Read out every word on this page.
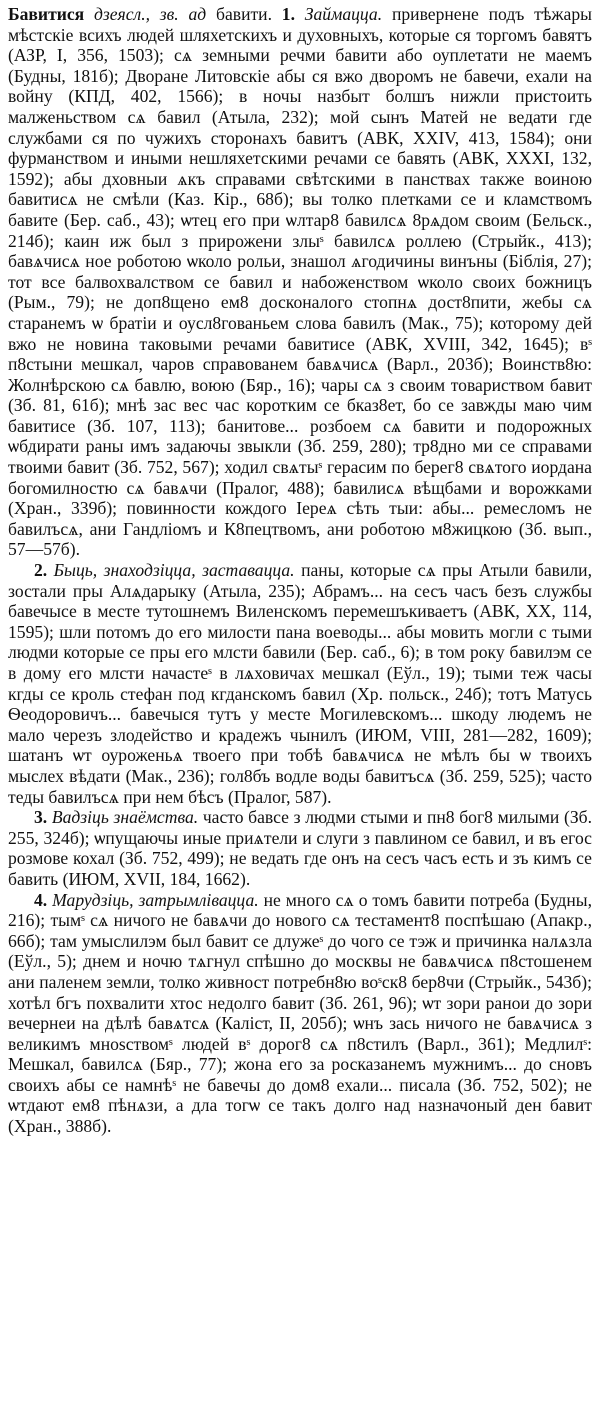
Бавитися дзеясл., зв. ад бавити. 1. Займацца. привернене подъ тѣжары мѣстскіе всихъ людей шляхетскихъ и духовныхъ, которые ся торгомъ бавятъ (АЗР, І, 356, 1503); сѧ земными речми бавити або оуплетати не маемъ (Будны, 181б); Дворане Литовскіе абы ся вжо дворомъ не бавечи, ехали на войну (КПД, 402, 1566); в ночы назбыт болшъ нижли пристоить малженьством сѧ бавил (Атыла, 232); мой сынъ Матей не ведати где службами ся по чужихъ сторонахъ бавитъ (АВК, XXIV, 413, 1584); они фурманством и иными нешляхетскими речами се бавять (АВК, XXXI, 132, 1592); абы дховныи ѧкъ справами свѣтскими в панствах также воиною бавитисѧ не смѣли (Каз. Кір., 68б); вы толко плетками се и кламствомъ бавите (Бер. саб., 43); ѡтец его при ѡлтар8 бавилсѧ 8рѧдом своим (Бельск., 214б); каин иж был з прирожени злыˢ бавилсѧ роллею (Стрыйк., 413); бавѧчисѧ ное роботою ѡколо рольи, знашол ѧгодичины винъны (Біблія, 27); тот все балвохвалством се бавил и набоженством ѡколо своих божницъ (Рым., 79); не доп8щено ем8 досконалого стопнѧ дост8пити, жебы сѧ старанемъ ѡ братіи и оусл8гованьем слова бавилъ (Мак., 75); которому дей вжо не новина таковыми речами бавитисе (АВК, XVIII, 342, 1645); вˢ п8стыни мешкал, чаров справованем бавѧчисѧ (Варл., 203б); Воинств8ю: Жолнѣрскою сѧ бавлю, воюю (Бяр., 16); чары сѧ з своим товариством бавит (Зб. 81, 61б); мнѣ зас вес час коротким се бказ8ет, бо се завжды маю чим бавитисе (Зб. 107, 113); банитове... розбоем сѧ бавити и подорожных ѡбдирати раны имъ задаючы звыкли (Зб. 259, 280); тр8дно ми се справами твоими бавит (Зб. 752, 567); ходил свѧтыˢ герасим по берег8 свѧтого иордана богомилностю сѧ бавѧчи (Пралог, 488); бавилисѧ вѣщбами и ворожками (Хран., 339б); повинности кождого Іереѧ сѣть тыи: абы... ремесломъ не бавилъсѧ, ани Гандліомъ и К8пецтвомъ, ани роботою м8жицкою (Зб. вып., 57—57б).

2. Быць, знаходзіцца, заставацца. паны, которые сѧ пры Атыли бавили, зостали пры Алѧдарыку (Атыла, 235); Абрамъ... на сесъ часъ безъ службы бавечысе в месте тутошнемъ Виленскомъ перемешъкиваетъ (АВК, XX, 114, 1595); шли потомъ до его милости пана воеводы... абы мовить могли с тыми людми которые се пры его млсти бавили (Бер. саб., 6); в том року бавилэм се в дому его млсти начастеˢ в лѧховичах мешкал (Еўл., 19); тыми теж часы кгды се кроль стефан под кгданскомъ бавил (Хр. польск., 24б); тотъ Матусь Ѳеодоровичъ... бавечыся тутъ у месте Могилевскомъ... шкоду людемъ не мало черезъ злодейство и крадежъ чынилъ (ИЮМ, VIII, 281—282, 1609); шатанъ ѡт оуроженьѧ твоего при тобѣ бавѧчисѧ не мѣлъ бы ѡ твоихъ мыслех вѣдати (Мак., 236); гол8бъ водле воды бавитъсѧ (Зб. 259, 525); часто теды бавилъсѧ при нем бѣсъ (Пралог, 587).

3. Вадзіць знаёмства. часто бавсе з людми стыми и пн8 бог8 милыми (Зб. 255, 324б); ѡпущаючы иные приѧтели и слуги з павлином се бавил, и въ егос розмове кохал (Зб. 752, 499); не ведать где онъ на сесъ часъ есть и зъ кимъ се бавить (ИЮМ, XVII, 184, 1662).

4. Марудзіць, затрымлівацца. не много сѧ о томъ бавити потреба (Будны, 216); тымˢ сѧ ничого не бавѧчи до нового сѧ тестамент8 поспѣшаю (Апакр., 66б); там умыслилэм был бавит се длужеˢ до чого се тэж и причинка налѧзла (Еўл., 5); днем и ночю тѧгнул спѣшно до москвы не бавѧчисѧ п8стошенем ани паленем земли, толко живност потребн8ю воˢск8 бер8чи (Стрыйк., 543б); хотѣл бгъ похвалити хтос недолго бавит (Зб. 261, 96); ѡт зори ранои до зори вечернеи на дѣлѣ бавѧтсѧ (Каліст, II, 205б); ѡнъ зась ничого не бавѧчисѧ з великимъ мноѕствомˢ людей вˢ дорог8 сѧ п8стилъ (Варл., 361); Медлилˢ: Мешкал, бавилсѧ (Бяр., 77); жона его за росказанемъ мужнимъ... до сновъ своихъ абы се намнѣˢ не бавечы до дом8 ехали... писала (Зб. 752, 502); не ѡтдают ем8 пѣнѧзи, а дла тогѡ се такъ долго над назначоный ден бавит (Хран., 388б).
